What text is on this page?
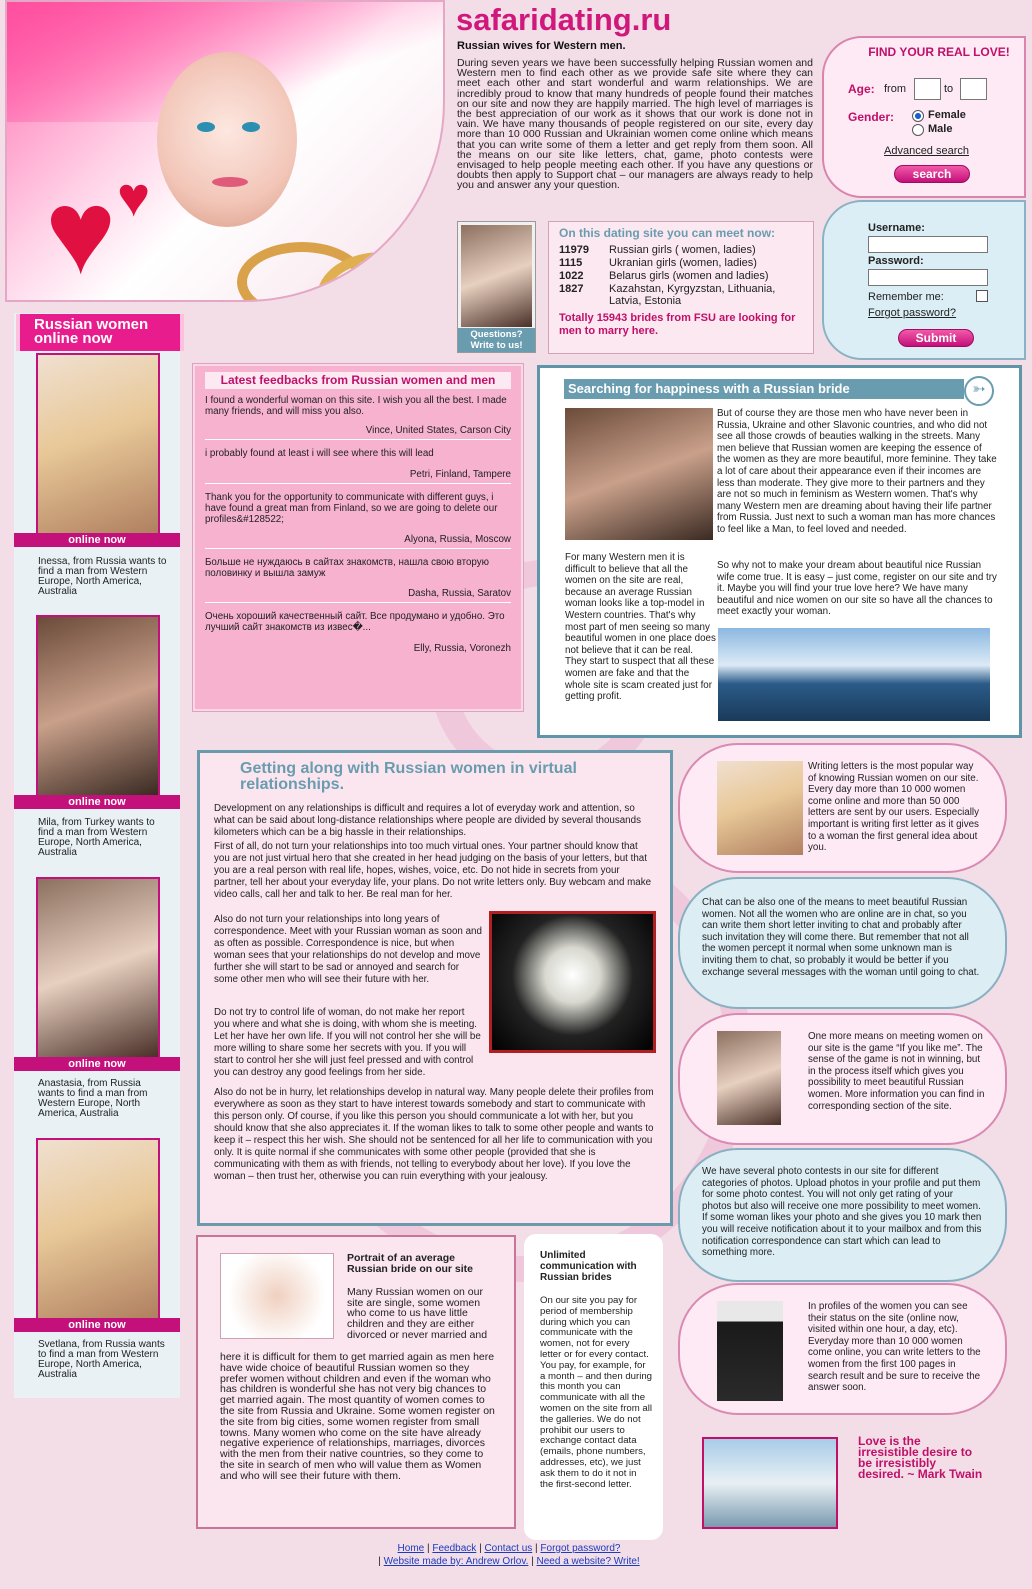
♥ ♥
safaridating.ru
Russian wives for Western men.
During seven years we have been successfully helping Russian women and Western men to find each other as we provide safe site where they can meet each other and start wonderful and warm relationships. We are incredibly proud to know that many hundreds of people found their matches on our site and now they are happily married. The high level of marriages is the best appreciation of our work as it shows that our work is done not in vain. We have many thousands of people registered on our site, every day more than 10 000 Russian and Ukrainian women come online which means that you can write some of them a letter and get reply from them soon. All the means on our site like letters, chat, game, photo contests were envisaged to help people meeting each other. If you have any questions or doubts then apply to Support chat – our managers are always ready to help you and answer any your question.
FIND YOUR REAL LOVE!
Age: from	to
Gender:	Female
Male
Advanced search
search
Username:
Password:
Remember me:
Forgot password?
Submit
Questions?
Write to us!
On this dating site you can meet now:
11979	Russian girls ( women, ladies)
1115	Ukranian girls (women, ladies)
1022	Belarus girls (women and ladies)
1827	Kazahstan, Kyrgyzstan, Lithuania, Latvia, Estonia
Totally 15943 brides from FSU are looking for men to marry here.
Russian women
online now
online now
Inessa, from Russia wants to find a man from Western Europe, North America, Australia
online now
Mila, from Turkey wants to find a man from Western Europe, North America, Australia
online now
Anastasia, from Russia wants to find a man from Western Europe, North America, Australia
online now
Svetlana, from Russia wants to find a man from Western Europe, North America, Australia
Latest feedbacks from Russian women and men
I found a wonderful woman on this site. I wish you all the best. I made many friends, and will miss you also.
Vince, United States, Carson City
i probably found at least i will see where this will lead
Petri, Finland, Tampere
Thank you for the opportunity to communicate with different guys, i have found a great man from Finland, so we are going to delete our profiles&#128522;
Alyona, Russia, Moscow
Больше не нуждаюсь в сайтах знакомств, нашла свою вторую половинку и вышла замуж
Dasha, Russia, Saratov
Очень хороший качественный сайт. Все продумано и удобно. Это лучший сайт знакомств из извес�...
Elly, Russia, Voronezh
Searching for happiness with a Russian bride	➳
But of course they are those men who have never been in Russia, Ukraine and other Slavonic countries, and who did not see all those crowds of beauties walking in the streets. Many men believe that Russian women are keeping the essence of the women as they are more beautiful, more feminine. They take a lot of care about their appearance even if their incomes are less than moderate. They give more to their partners and they are not so much in feminism as Western women. That's why many Western men are dreaming about having their life partner from Russia. Just next to such a woman man has more chances to feel like a Man, to feel loved and needed.
So why not to make your dream about beautiful nice Russian wife come true. It is easy – just come, register on our site and try it. Maybe you will find your true love here? We have many beautiful and nice women on our site so have all the chances to meet exactly your woman.
For many Western men it is difficult to believe that all the women on the site are real, because an average Russian woman looks like a top-model in Western countries. That's why most part of men seeing so many beautiful women in one place does not believe that it can be real. They start to suspect that all these women are fake and that the whole site is scam created just for getting profit.
Getting along with Russian women in virtual relationships.

Development on any relationships is difficult and requires a lot of everyday work and attention, so what can be said about long-distance relationships where people are divided by several thousands kilometers which can be a big hassle in their relationships.

First of all, do not turn your relationships into too much virtual ones. Your partner should know that you are not just virtual hero that she created in her head judging on the basis of your letters, but that you are a real person with real life, hopes, wishes, voice, etc. Do not hide in secrets from your partner, tell her about your everyday life, your plans. Do not write letters only. Buy webcam and make video calls, call her and talk to her. Be real man for her.

Also do not turn your relationships into long years of correspondence. Meet with your Russian woman as soon and as often as possible. Correspondence is nice, but when woman sees that your relationships do not develop and move further she will start to be sad or annoyed and search for some other men who will see their future with her.

Do not try to control life of woman, do not make her report you where and what she is doing, with whom she is meeting. Let her have her own life. If you will not control her she will be more willing to share some her secrets with you. If you will start to control her she will just feel pressed and with control you can destroy any good feelings from her side.

Also do not be in hurry, let relationships develop in natural way. Many people delete their profiles from everywhere as soon as they start to have interest towards somebody and start to communicate with this person only. Of course, if you like this person you should communicate a lot with her, but you should know that she also appreciates it. If the woman likes to talk to some other people and wants to keep it – respect this her wish. She should not be sentenced for all her life to communication with you only. It is quite normal if she communicates with some other people (provided that she is communicating with them as with friends, not telling to everybody about her love). If you love the woman – then trust her, otherwise you can ruin everything with your jealousy.

Writing letters is the most popular way of knowing Russian women on our site. Every day more than 10 000 women come online and more than 50 000 letters are sent by our users. Especially important is writing first letter as it gives to a woman the first general idea about you.
Chat can be also one of the means to meet beautiful Russian women. Not all the women who are online are in chat, so you can write them short letter inviting to chat and probably after such invitation they will come there. But remember that not all the women percept it normal when some unknown man is inviting them to chat, so probably it would be better if you exchange several messages with the woman until going to chat.
One more means on meeting women on our site is the game “If you like me”. The sense of the game is not in winning, but in the process itself which gives you possibility to meet beautiful Russian women. More information you can find in corresponding section of the site.
We have several photo contests in our site for different categories of photos. Upload photos in your profile and put them for some photo contest. You will not only get rating of your photos but also will receive one more possibility to meet women. If some woman likes your photo and she gives you 10 mark then you will receive notification about it to your mailbox and from this notification correspondence can start which can lead to something more.
In profiles of the women you can see their status on the site (online now, visited within one hour, a day, etc). Everyday more than 10 000 women come online, you can write letters to the women from the first 100 pages in search result and be sure to receive the answer soon.
Portrait of an average Russian bride on our site
Many Russian women on our site are single, some women who come to us have little children and they are either divorced or never married and
here it is difficult for them to get married again as men here have wide choice of beautiful Russian women so they prefer women without children and even if the woman who has children is wonderful she has not very big chances to get married again. The most quantity of women comes to the site from Russia and Ukraine. Some women register on the site from big cities, some women register from small towns. Many women who come on the site have already negative experience of relationships, marriages, divorces with the men from their native countries, so they come to the site in search of men who will value them as Women and who will see their future with them.
Unlimited communication with Russian brides
On our site you pay for period of membership during which you can communicate with the women, not for every letter or for every contact. You pay, for example, for a month – and then during this month you can communicate with all the women on the site from all the galleries. We do not prohibit our users to exchange contact data (emails, phone numbers, addresses, etc), we just ask them to do it not in the first-second letter.
Love is the irresistible desire to be irresistibly desired. ~ Mark Twain
Home | Feedback | Contact us | Forgot password?
| Website made by: Andrew Orlov. | Need a website? Write!
